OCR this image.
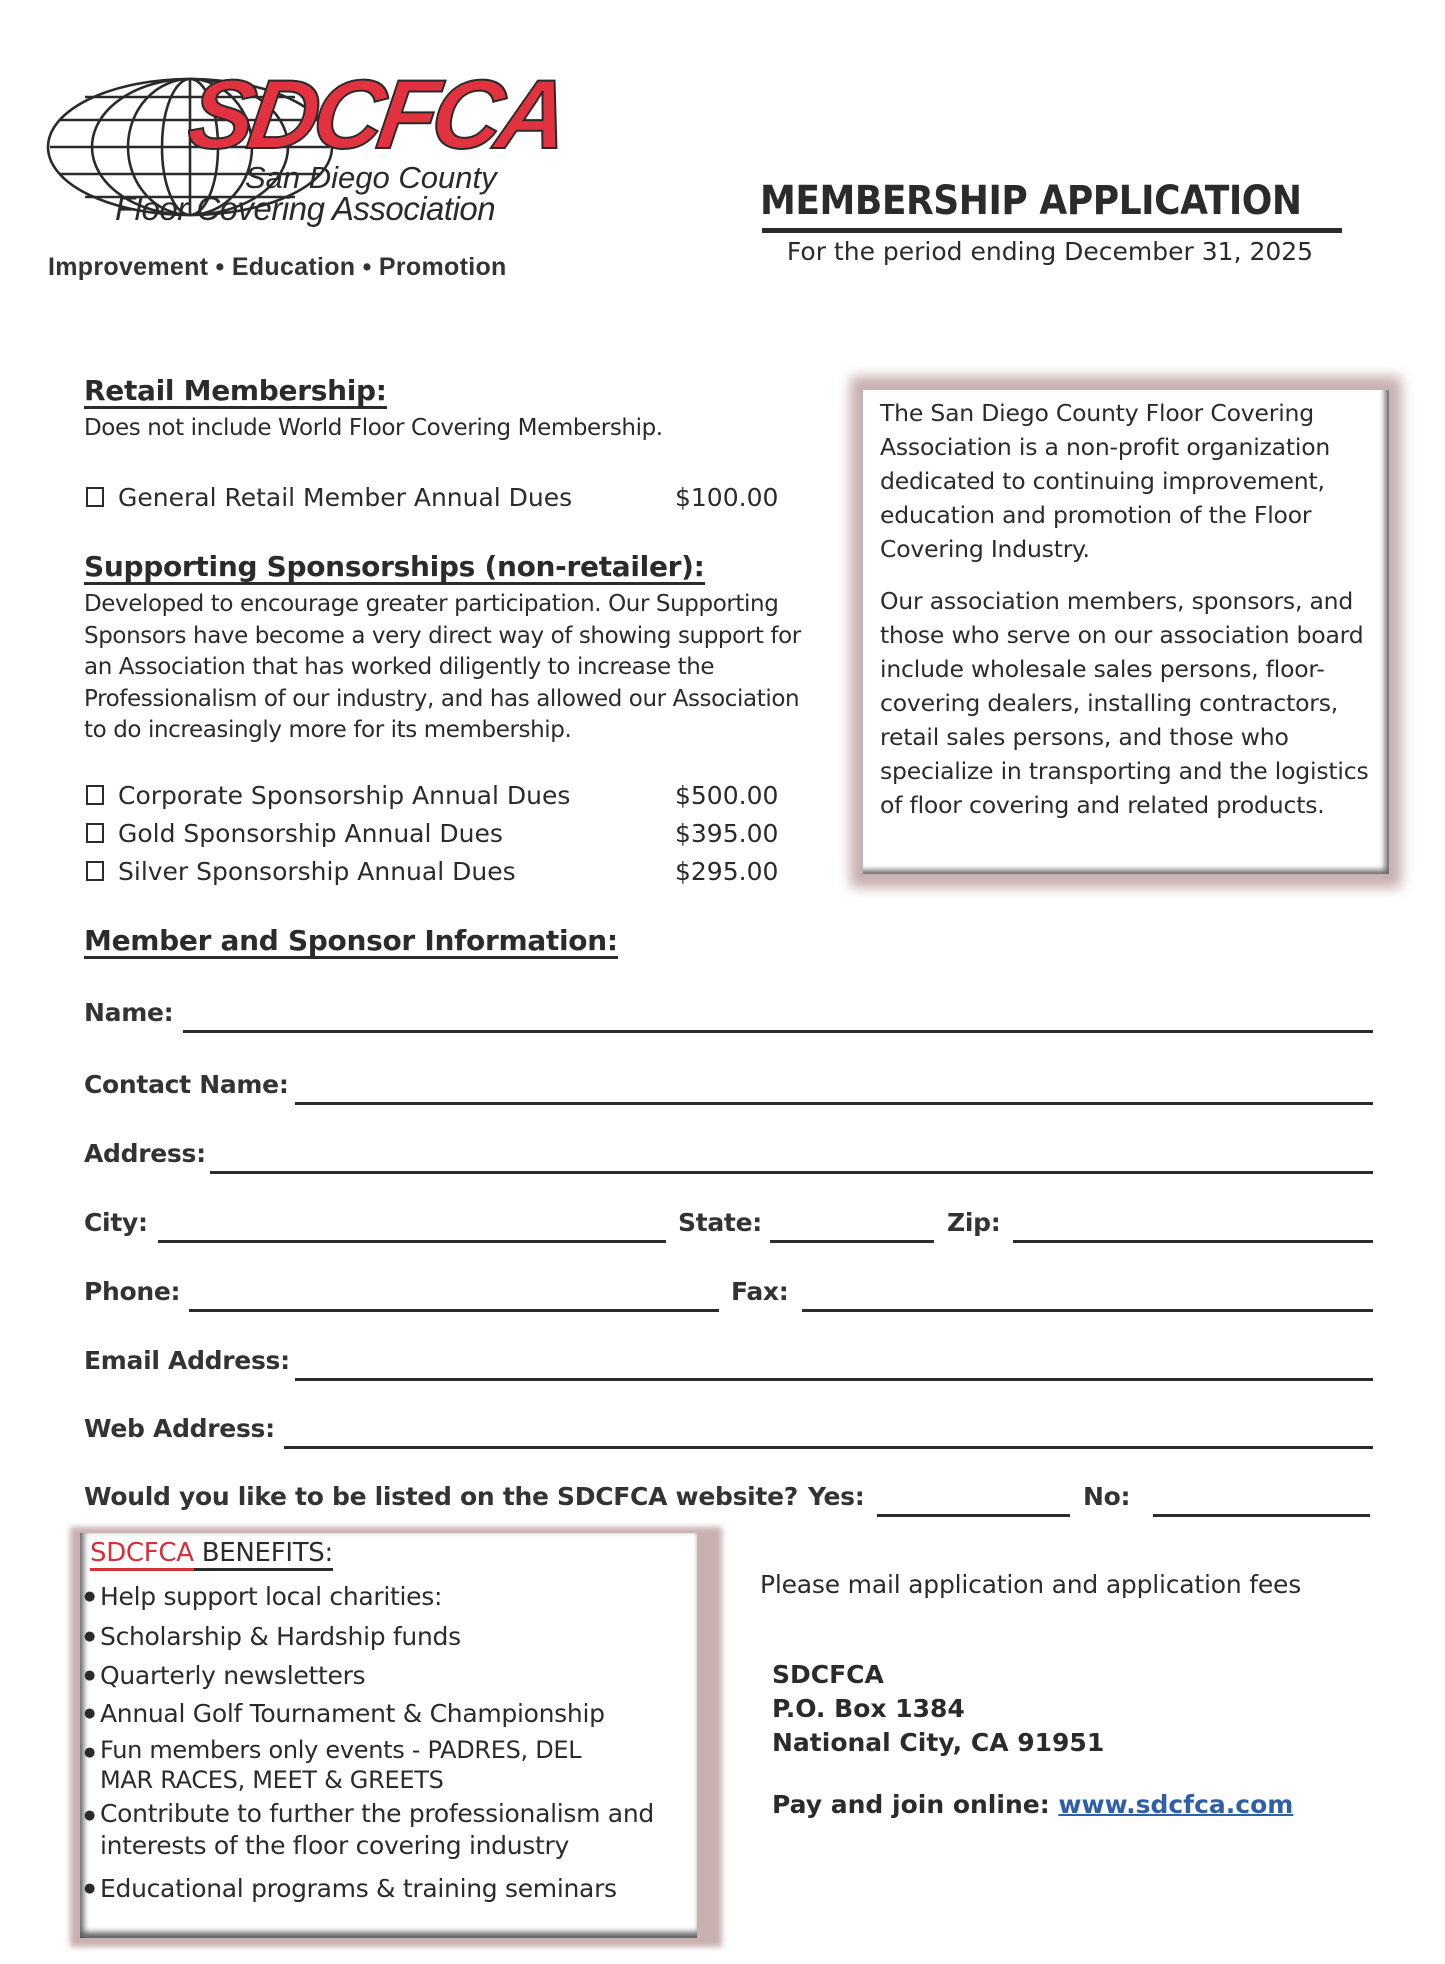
SDCFCA
San Diego County
Floor Covering Association
Improvement • Education • Promotion
MEMBERSHIP APPLICATION
For the period ending December 31, 2025
Retail Membership:
Does not include World Floor Covering Membership.
General Retail Member Annual Dues	$100.00
Supporting Sponsorships (non-retailer):
Developed to encourage greater participation. Our Supporting
Sponsors have become a very direct way of showing support for
an Association that has worked diligently to increase the
Professionalism of our industry, and has allowed our Association
to do increasingly more for its membership.
Corporate Sponsorship Annual Dues	$500.00
Gold Sponsorship Annual Dues	$395.00
Silver Sponsorship Annual Dues	$295.00

The San Diego County Floor Covering Association is a non-profit organization dedicated to continuing improvement, education and promotion of the Floor Covering Industry.

Our association members, sponsors, and those who serve on our association board include wholesale sales persons, floor-covering dealers, installing contractors, retail sales persons, and those who specialize in transporting and the logistics of floor covering and related products.

Member and Sponsor Information:
Name:
Contact Name:
Address:
City:	State:	Zip:
Phone:	Fax:
Email Address:
Web Address:
Would you like to be listed on the SDCFCA website? Yes:	No:
SDCFCA BENEFITS:
● Help support local charities:
● Scholarship & Hardship funds
● Quarterly newsletters
● Annual Golf Tournament & Championship
● Fun members only events - PADRES, DEL MAR RACES, MEET & GREETS
● Contribute to further the professionalism and interests of the floor covering industry
● Educational programs & training seminars
Please mail application and application fees
SDCFCA
P.O. Box 1384
National City, CA 91951
Pay and join online: www.sdcfca.com
